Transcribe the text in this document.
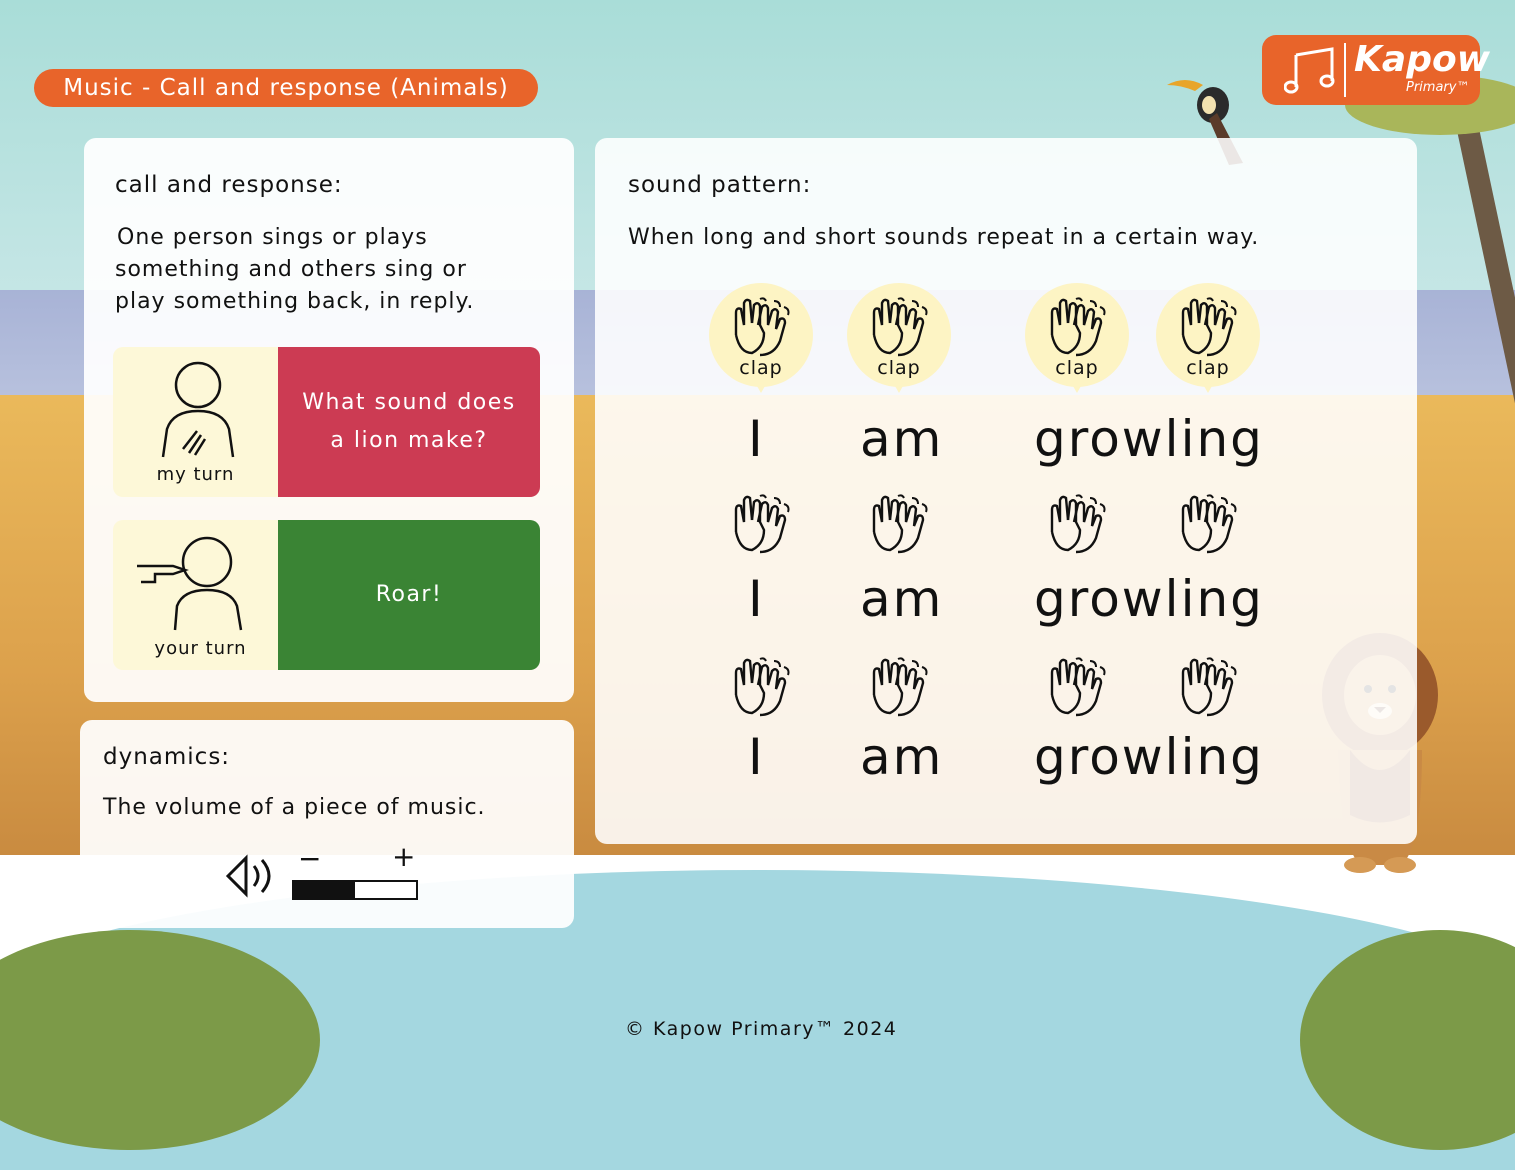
Music - Call and response (Animals)
Kapow
Primary™
call and response:
One person sings or plays
something and others sing or
play something back, in reply.
my turn
What sound does
a lion make?
your turn
Roar!
dynamics:
The volume of a piece of music.
−	+
sound pattern:
When long and short sounds repeat in a certain way.
clap	clap	clap	clap
I am growling
I am growling
I am growling
© Kapow Primary™ 2024
